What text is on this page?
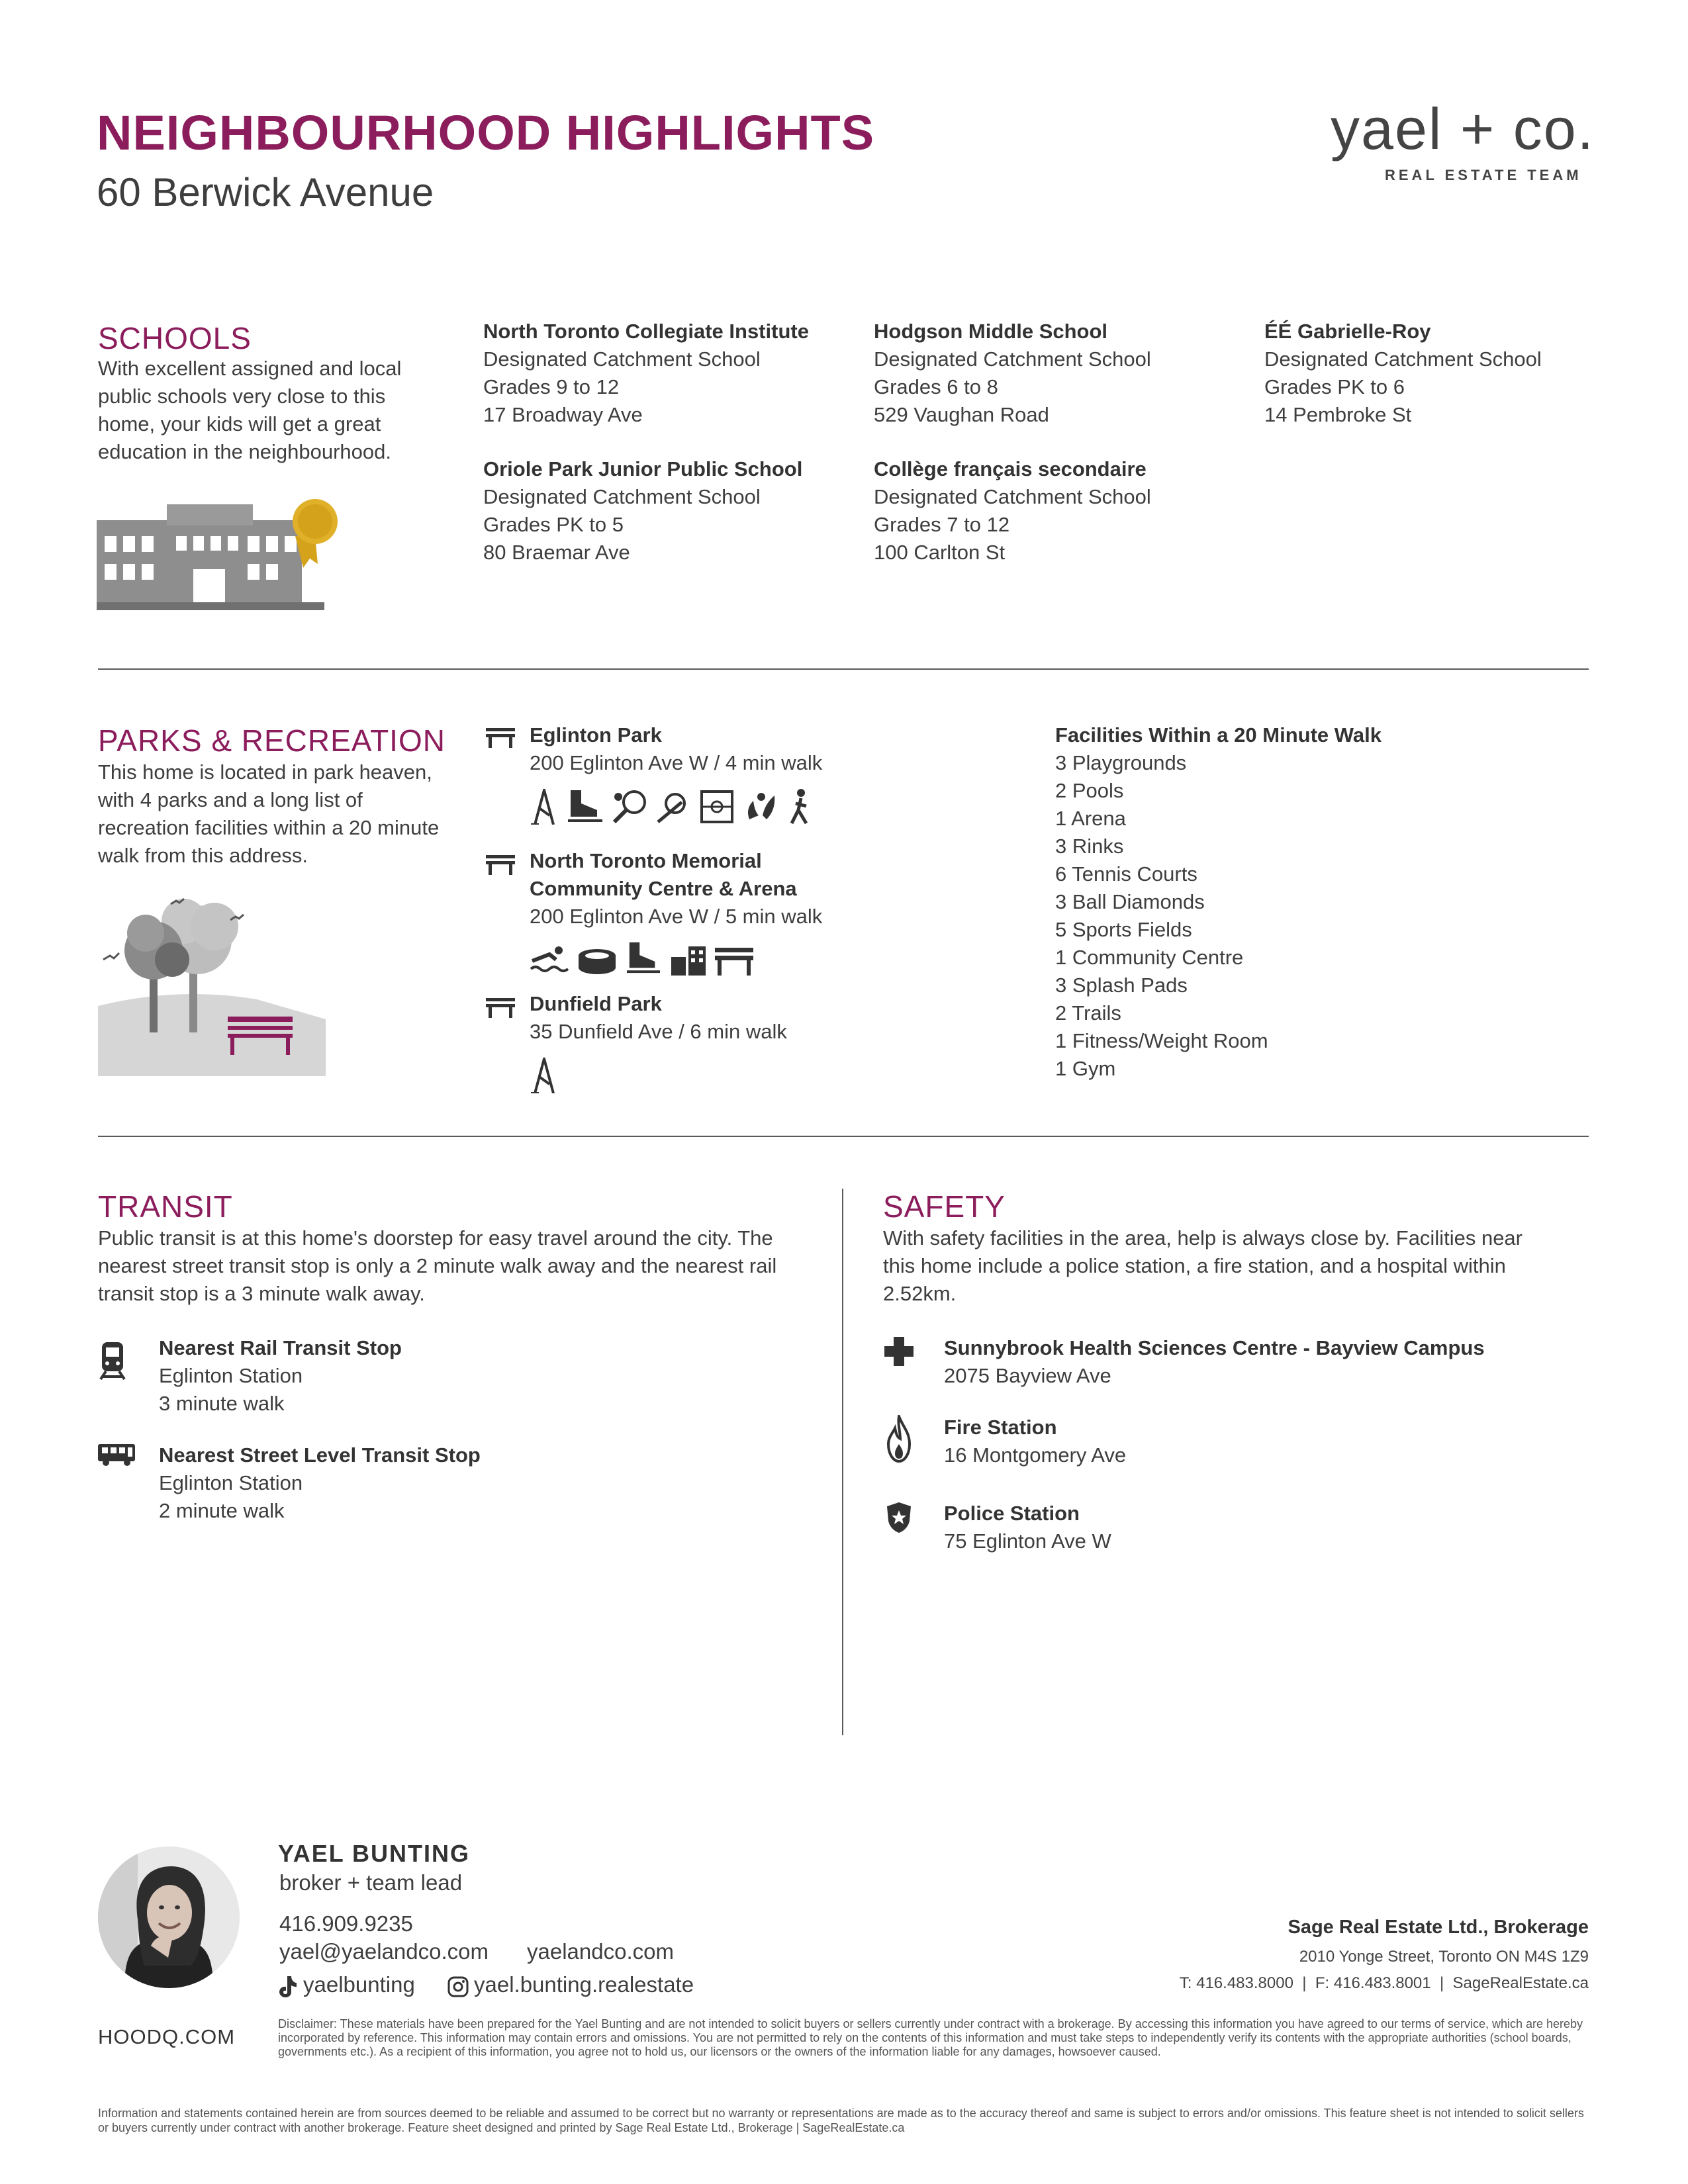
NEIGHBOURHOOD HIGHLIGHTS
60 Berwick Avenue
yael + co.
REAL ESTATE TEAM
SCHOOLS
With excellent assigned and local public schools very close to this home, your kids will get a great education in the neighbourhood.
North Toronto Collegiate Institute
Designated Catchment School
Grades 9 to 12
17 Broadway Ave
Hodgson Middle School
Designated Catchment School
Grades 6 to 8
529 Vaughan Road
ÉÉ Gabrielle-Roy
Designated Catchment School
Grades PK to 6
14 Pembroke St
Oriole Park Junior Public School
Designated Catchment School
Grades PK to 5
80 Braemar Ave
Collège français secondaire
Designated Catchment School
Grades 7 to 12
100 Carlton St
PARKS & RECREATION
This home is located in park heaven, with 4 parks and a long list of recreation facilities within a 20 minute walk from this address.
Eglinton Park
200 Eglinton Ave W / 4 min walk
North Toronto Memorial
Community Centre & Arena
200 Eglinton Ave W / 5 min walk
Dunfield Park
35 Dunfield Ave / 6 min walk
Facilities Within a 20 Minute Walk
3 Playgrounds
2 Pools
1 Arena
3 Rinks
6 Tennis Courts
3 Ball Diamonds
5 Sports Fields
1 Community Centre
3 Splash Pads
2 Trails
1 Fitness/Weight Room
1 Gym
TRANSIT
Public transit is at this home's doorstep for easy travel around the city. The nearest street transit stop is only a 2 minute walk away and the nearest rail transit stop is a 3 minute walk away.
Nearest Rail Transit Stop
Eglinton Station
3 minute walk
Nearest Street Level Transit Stop
Eglinton Station
2 minute walk
SAFETY
With safety facilities in the area, help is always close by. Facilities near this home include a police station, a fire station, and a hospital within 2.52km.
Sunnybrook Health Sciences Centre - Bayview Campus
2075 Bayview Ave
Fire Station
16 Montgomery Ave
Police Station
75 Eglinton Ave W
YAEL BUNTING
broker + team lead
416.909.9235
yael@yaelandco.com yaelandco.com
yaelbunting	yael.bunting.realestate
Sage Real Estate Ltd., Brokerage
2010 Yonge Street, Toronto ON M4S 1Z9
T: 416.483.8000  |  F: 416.483.8001  |  SageRealEstate.ca
HOODQ.COM
Disclaimer: These materials have been prepared for the Yael Bunting and are not intended to solicit buyers or sellers currently under contract with a brokerage. By accessing this information you have agreed to our terms of service, which are hereby incorporated by reference. This information may contain errors and omissions. You are not permitted to rely on the contents of this information and must take steps to independently verify its contents with the appropriate authorities (school boards, governments etc.). As a recipient of this information, you agree not to hold us, our licensors or the owners of the information liable for any damages, howsoever caused.
Information and statements contained herein are from sources deemed to be reliable and assumed to be correct but no warranty or representations are made as to the accuracy thereof and same is subject to errors and/or omissions. This feature sheet is not intended to solicit sellers or buyers currently under contract with another brokerage. Feature sheet designed and printed by Sage Real Estate Ltd., Brokerage | SageRealEstate.ca
